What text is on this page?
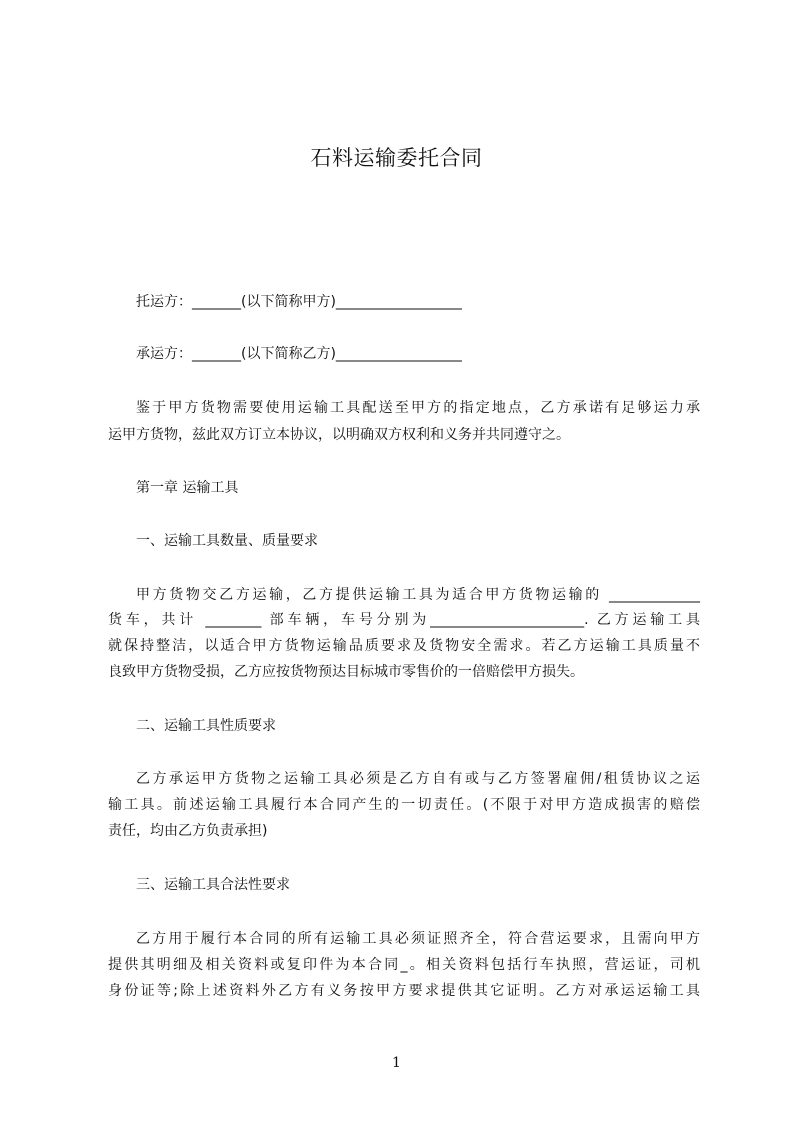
石料运输委托合同
托运方：_______(以下简称甲方)__________________
承运方：_______(以下简称乙方)__________________
鉴于甲方货物需要使用运输工具配送至甲方的指定地点，乙方承诺有足够运力承
运甲方货物，兹此双方订立本协议，以明确双方权利和义务并共同遵守之。
第一章 运输工具
一、运输工具数量、质量要求
甲方货物交乙方运输，乙方提供运输工具为适合甲方货物运输的 _____________
货车，共计 ________ 部车辆，车号分别为______________________. 乙方运输工具
就保持整洁，以适合甲方货物运输品质要求及货物安全需求。若乙方运输工具质量不
良致甲方货物受损，乙方应按货物预达目标城市零售价的一倍赔偿甲方损失。
二、运输工具性质要求
乙方承运甲方货物之运输工具必须是乙方自有或与乙方签署雇佣/租赁协议之运
输工具。前述运输工具履行本合同产生的一切责任。(不限于对甲方造成损害的赔偿
责任，均由乙方负责承担)
三、运输工具合法性要求
乙方用于履行本合同的所有运输工具必须证照齐全，符合营运要求，且需向甲方
提供其明细及相关资料或复印件为本合同_。相关资料包括行车执照，营运证，司机
身份证等;除上述资料外乙方有义务按甲方要求提供其它证明。乙方对承运运输工具
1
